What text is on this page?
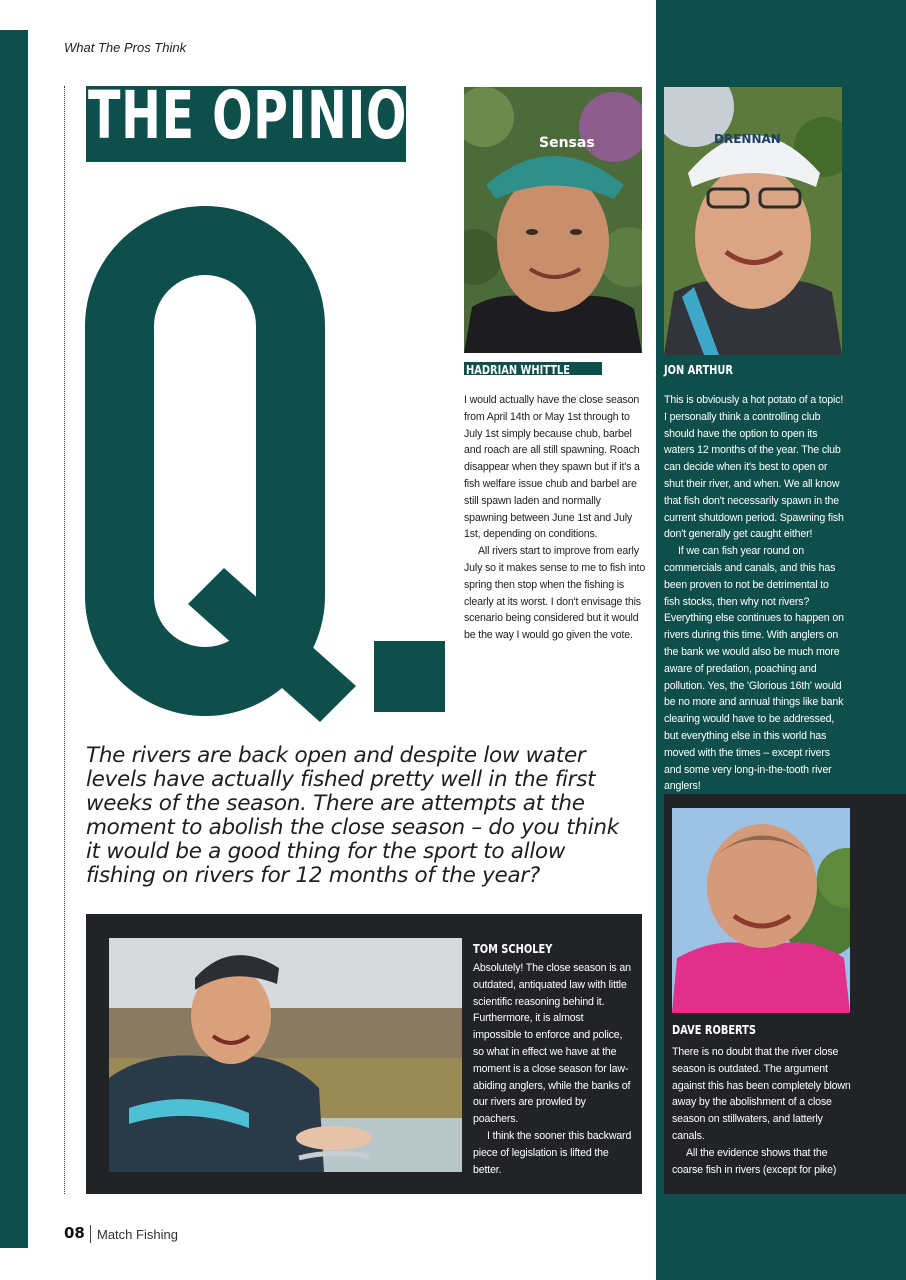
What The Pros Think
THE OPINION
The rivers are back open and despite low water levels have actually fished pretty well in the first weeks of the season. There are attempts at the moment to abolish the close season – do you think it would be a good thing for the sport to allow fishing on rivers for 12 months of the year?
Sensas
HADRIAN WHITTLE

I would actually have the close season from April 14th or May 1st through to July 1st simply because chub, barbel and roach are all still spawning. Roach disappear when they spawn but if it's a fish welfare issue chub and barbel are still spawn laden and normally spawning between June 1st and July 1st, depending on conditions.

All rivers start to improve from early July so it makes sense to me to fish into spring then stop when the fishing is clearly at its worst. I don't envisage this scenario being considered but it would be the way I would go given the vote.

DRENNAN
JON ARTHUR

This is obviously a hot potato of a topic! I personally think a controlling club should have the option to open its waters 12 months of the year. The club can decide when it's best to open or shut their river, and when. We all know that fish don't necessarily spawn in the current shutdown period. Spawning fish don't generally get caught either!

If we can fish year round on commercials and canals, and this has been proven to not be detrimental to fish stocks, then why not rivers? Everything else continues to happen on rivers during this time. With anglers on the bank we would also be much more aware of predation, poaching and pollution. Yes, the 'Glorious 16th' would be no more and annual things like bank clearing would have to be addressed, but everything else in this world has moved with the times – except rivers and some very long-in-the-tooth river anglers!

DAVE ROBERTS

There is no doubt that the river close season is outdated. The argument against this has been completely blown away by the abolishment of a close season on stillwaters, and latterly canals.

All the evidence shows that the coarse fish in rivers (except for pike)

TOM SCHOLEY

Absolutely! The close season is an outdated, antiquated law with little scientific reasoning behind it. Furthermore, it is almost impossible to enforce and police, so what in effect we have at the moment is a close season for law-abiding anglers, while the banks of our rivers are prowled by poachers.

I think the sooner this backward piece of legislation is lifted the better.

08 Match Fishing
